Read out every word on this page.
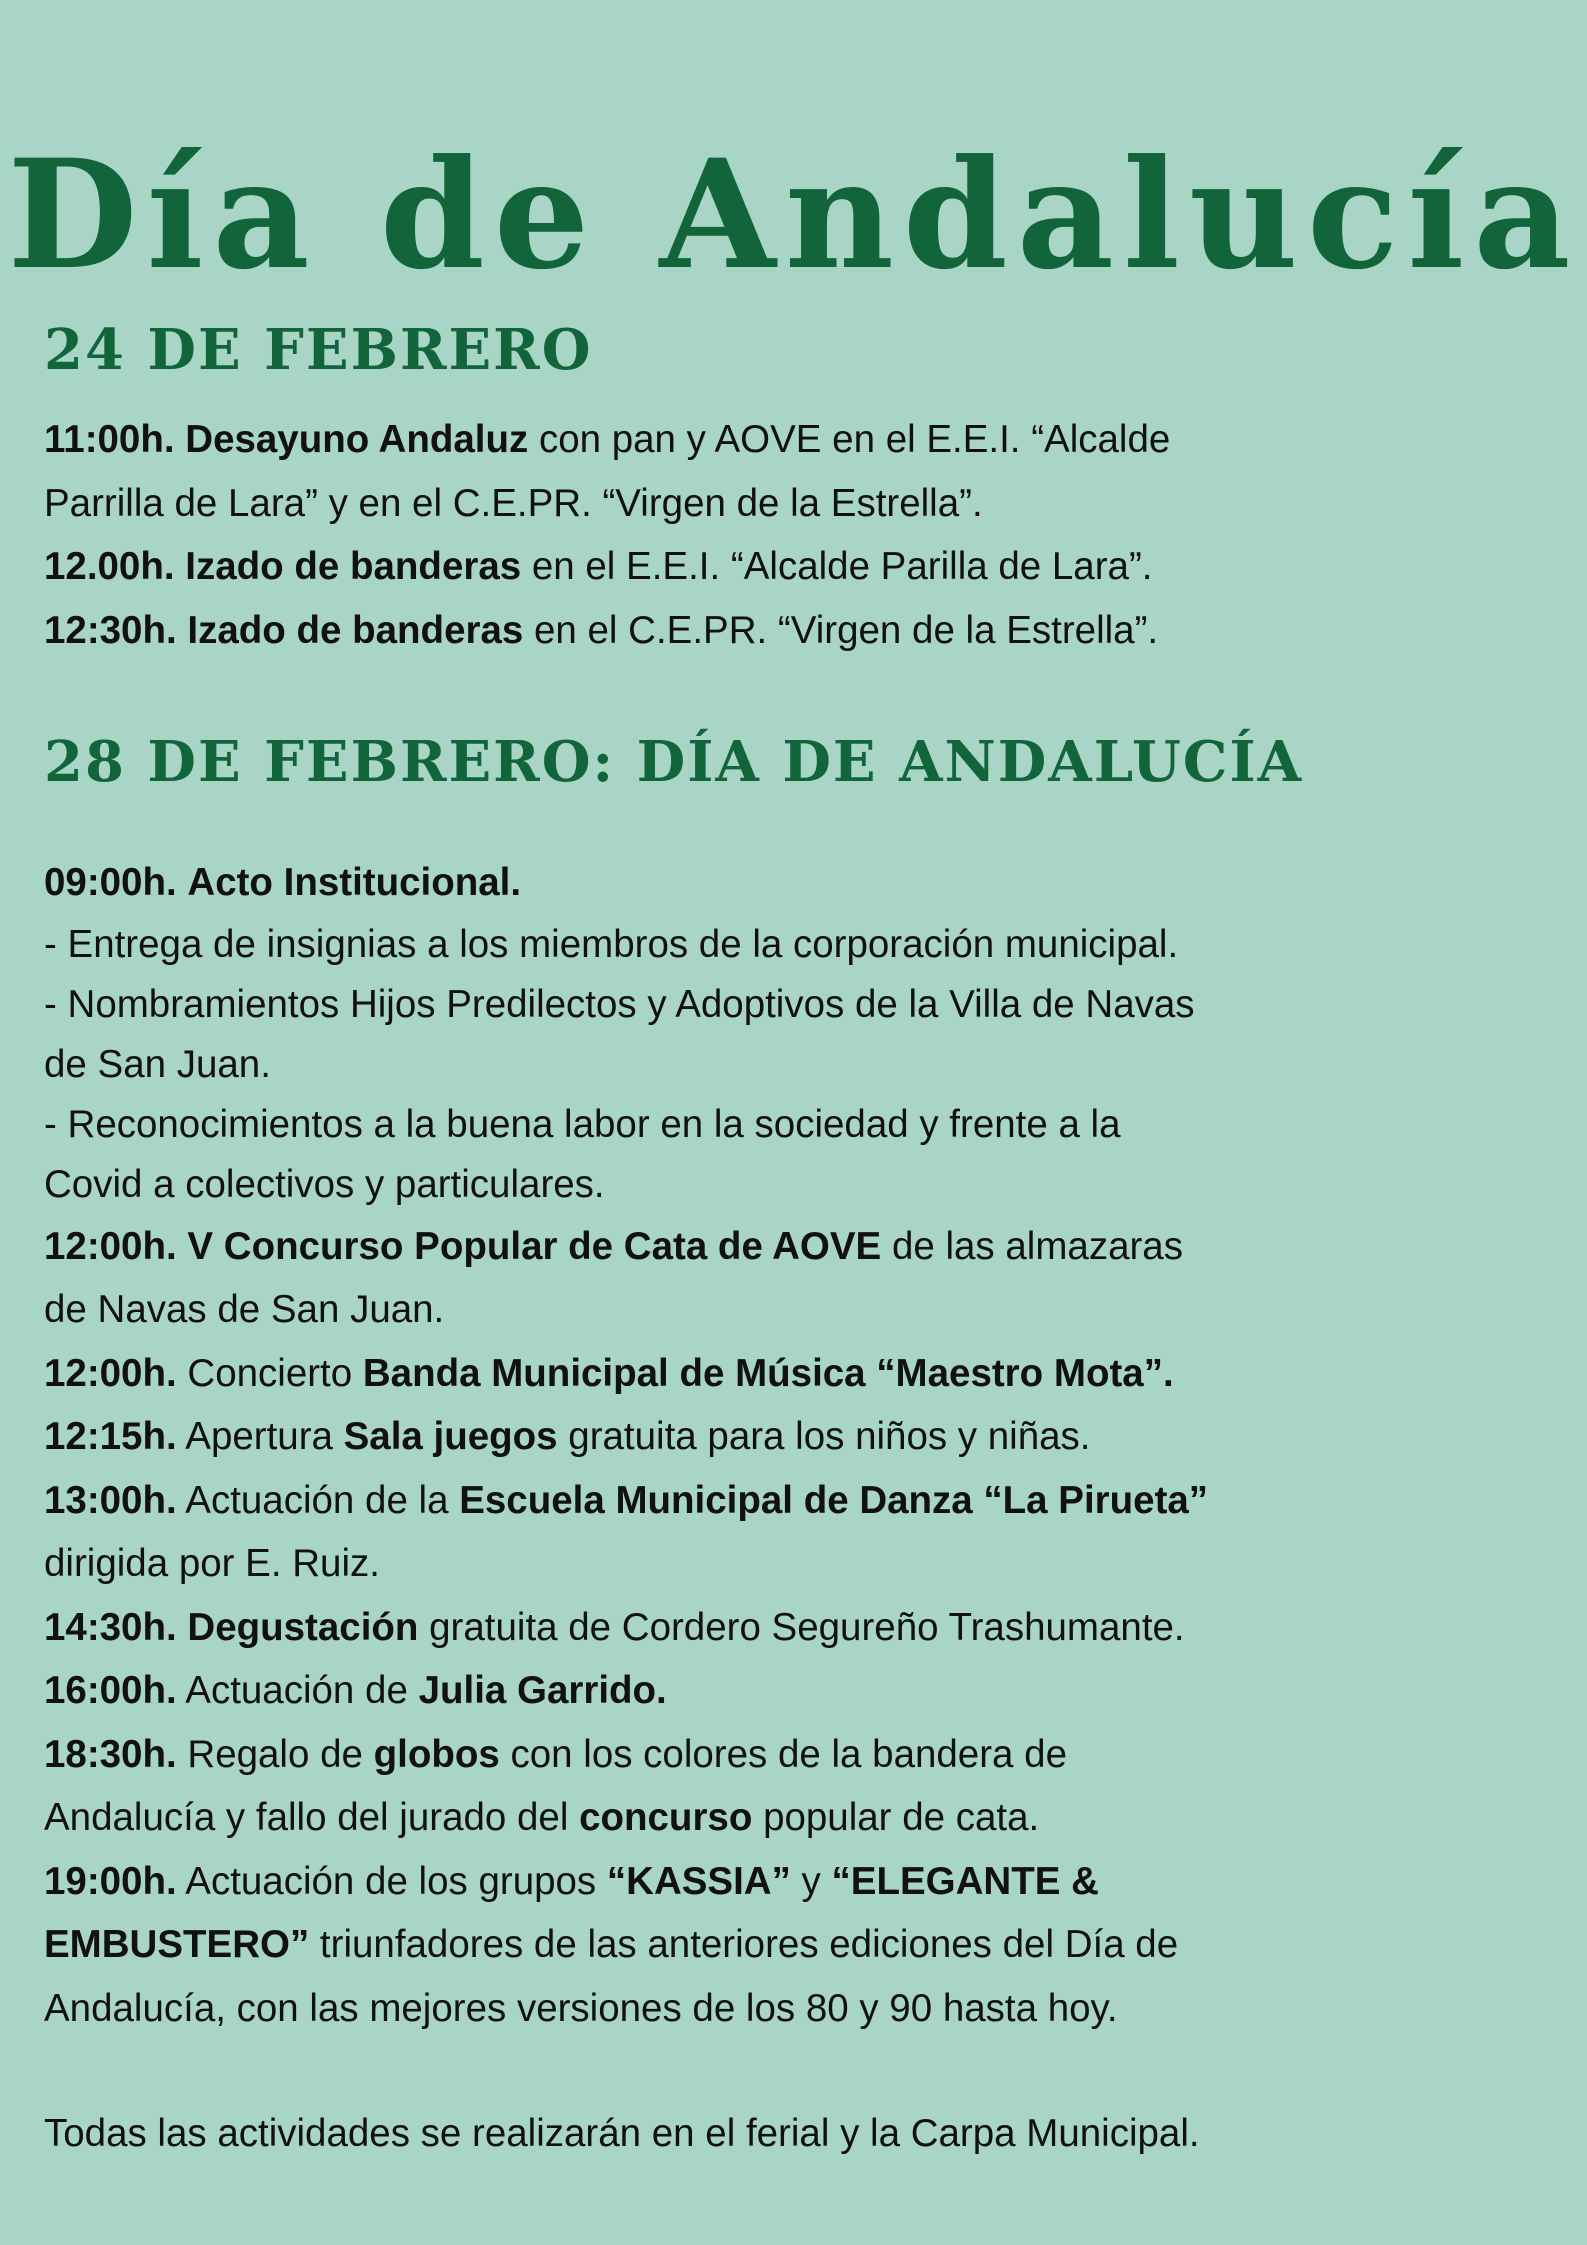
Día de Andalucía
24 DE FEBRERO
11:00h. Desayuno Andaluz con pan y AOVE en el E.E.I. “Alcalde
Parrilla de Lara” y en el C.E.PR. “Virgen de la Estrella”.
12.00h. Izado de banderas en el E.E.I. “Alcalde Parilla de Lara”.
12:30h. Izado de banderas en el C.E.PR. “Virgen de la Estrella”.
28 DE FEBRERO: DÍA DE ANDALUCÍA
09:00h. Acto Institucional.
- Entrega de insignias a los miembros de la corporación municipal.
- Nombramientos Hijos Predilectos y Adoptivos de la Villa de Navas
de San Juan.
- Reconocimientos a la buena labor en la sociedad y frente a la
Covid a colectivos y particulares.
12:00h. V Concurso Popular de Cata de AOVE de las almazaras
de Navas de San Juan.
12:00h. Concierto Banda Municipal de Música “Maestro Mota”.
12:15h. Apertura Sala juegos gratuita para los niños y niñas.
13:00h. Actuación de la Escuela Municipal de Danza “La Pirueta”
dirigida por E. Ruiz.
14:30h. Degustación gratuita de Cordero Segureño Trashumante.
16:00h. Actuación de Julia Garrido.
18:30h. Regalo de globos con los colores de la bandera de
Andalucía y fallo del jurado del concurso popular de cata.
19:00h. Actuación de los grupos “KASSIA” y “ELEGANTE &
EMBUSTERO” triunfadores de las anteriores ediciones del Día de
Andalucía, con las mejores versiones de los 80 y 90 hasta hoy.
Todas las actividades se realizarán en el ferial y la Carpa Municipal.
